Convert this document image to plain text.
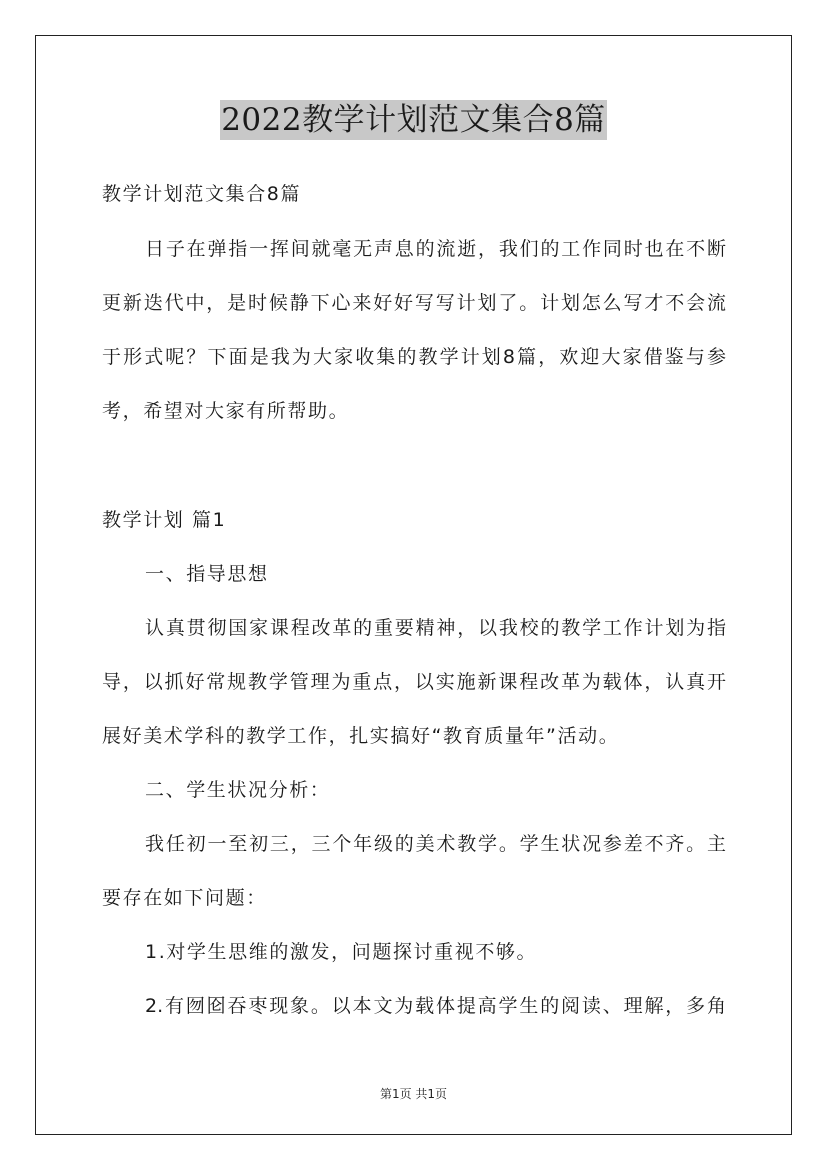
2022教学计划范文集合8篇

教学计划范文集合8篇

日子在弹指一挥间就毫无声息的流逝，我们的工作同时也在不断

更新迭代中，是时候静下心来好好写写计划了。计划怎么写才不会流

于形式呢？下面是我为大家收集的教学计划8篇，欢迎大家借鉴与参

考，希望对大家有所帮助。

教学计划 篇1

一、指导思想

认真贯彻国家课程改革的重要精神，以我校的教学工作计划为指

导，以抓好常规教学管理为重点，以实施新课程改革为载体，认真开

展好美术学科的教学工作，扎实搞好“教育质量年”活动。

二、学生状况分析：

我任初一至初三，三个年级的美术教学。学生状况参差不齐。主

要存在如下问题：

1.对学生思维的激发，问题探讨重视不够。

2.有囫囵吞枣现象。以本文为载体提高学生的阅读、理解，多角

第1页 共1页
